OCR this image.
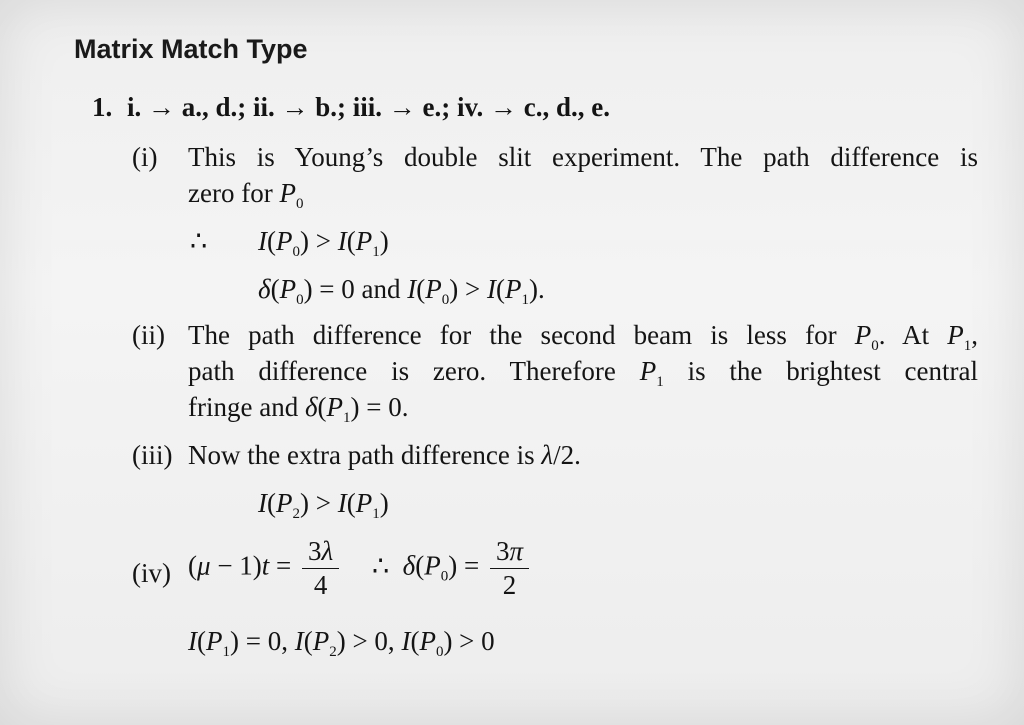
Matrix Match Type
1. i. → a., d.; ii. → b.; iii. → e.; iv. → c., d., e.
(i) This is Young’s double slit experiment. The path difference is
zero for $P_0$
∴ $I(P_0) > I(P_1)$
$\delta(P_0) = 0$ and $I(P_0) > I(P_1)$.
(ii) The path difference for the second beam is less for $P_0$. At $P_1$,
path difference is zero. Therefore $P_1$ is the brightest central
fringe and $\delta(P_1) = 0$.
(iii) Now the extra path difference is λ/2.
$I(P_2) > I(P_1)$
(iv) $(\mu - 1)t = \frac{3\lambda}{4}$ ∴ $\delta(P_0) = \frac{3\pi}{2}$
$I(P_1) = 0$, $I(P_2) > 0$, $I(P_0) > 0$
